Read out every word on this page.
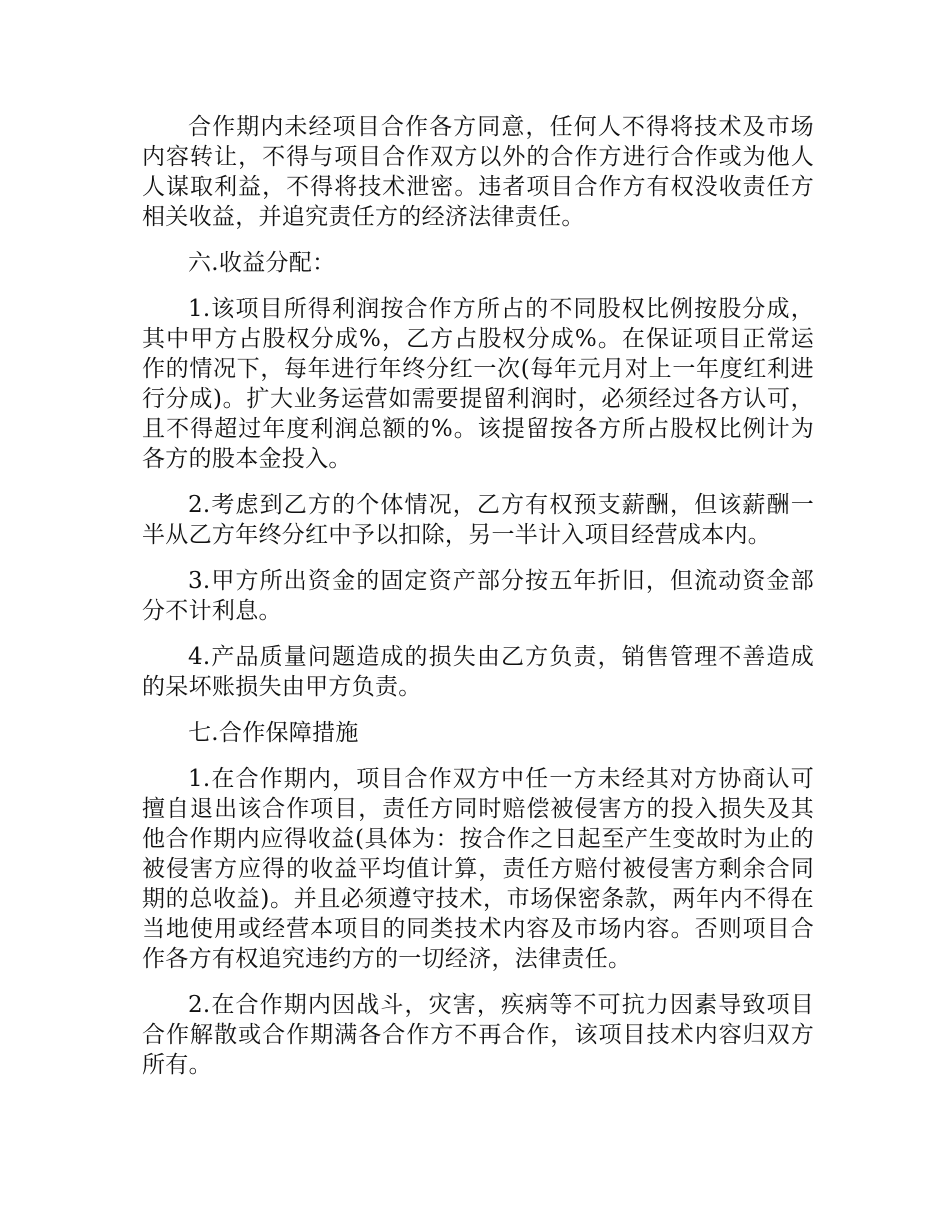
合作期内未经项目合作各方同意，任何人不得将技术及市场内容转让，不得与项目合作双方以外的合作方进行合作或为他人人谋取利益，不得将技术泄密。违者项目合作方有权没收责任方相关收益，并追究责任方的经济法律责任。

六.收益分配：

1.该项目所得利润按合作方所占的不同股权比例按股分成，其中甲方占股权分成%，乙方占股权分成%。在保证项目正常运作的情况下，每年进行年终分红一次(每年元月对上一年度红利进行分成)。扩大业务运营如需要提留利润时，必须经过各方认可，且不得超过年度利润总额的%。该提留按各方所占股权比例计为各方的股本金投入。

2.考虑到乙方的个体情况，乙方有权预支薪酬，但该薪酬一半从乙方年终分红中予以扣除，另一半计入项目经营成本内。

3.甲方所出资金的固定资产部分按五年折旧，但流动资金部分不计利息。

4.产品质量问题造成的损失由乙方负责，销售管理不善造成的呆坏账损失由甲方负责。

七.合作保障措施

1.在合作期内，项目合作双方中任一方未经其对方协商认可擅自退出该合作项目，责任方同时赔偿被侵害方的投入损失及其他合作期内应得收益(具体为：按合作之日起至产生变故时为止的被侵害方应得的收益平均值计算，责任方赔付被侵害方剩余合同期的总收益)。并且必须遵守技术，市场保密条款，两年内不得在当地使用或经营本项目的同类技术内容及市场内容。否则项目合作各方有权追究违约方的一切经济，法律责任。

2.在合作期内因战斗，灾害，疾病等不可抗力因素导致项目合作解散或合作期满各合作方不再合作，该项目技术内容归双方所有。
